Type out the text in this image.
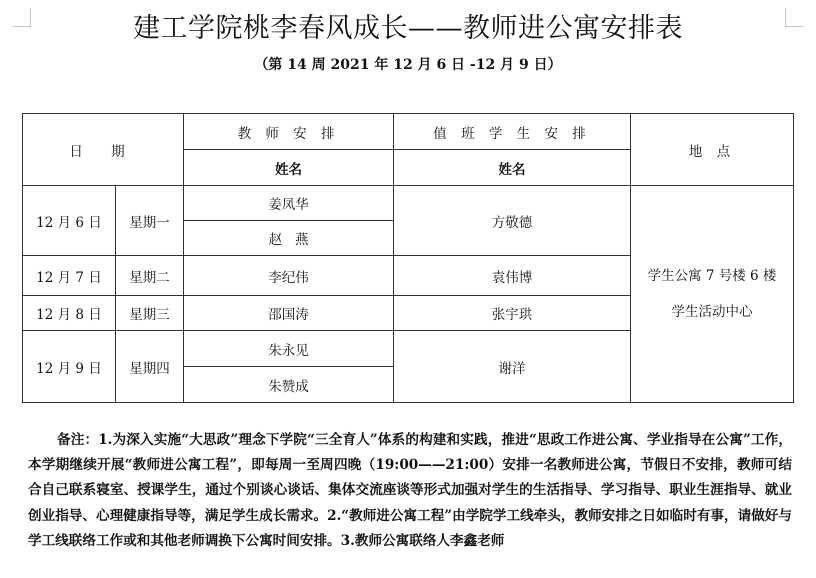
建工学院桃李春风成长——教师进公寓安排表
（第 14 周 2021 年 12 月 6 日 -12 月 9 日）
日 期		教 师 安 排	值 班 学 生 安 排	地 点
		姓名	姓名	
12 月 6 日	星期一	姜凤华	方敬德	学生公寓 7 号楼 6 楼
学生活动中心

		赵   燕		
12 月 7 日	星期二	李纪伟	袁伟博	
12 月 8 日	星期三	邵国涛	张宇珙	
12 月 9 日	星期四	朱永见	谢洋	
		朱赞成		
备注：1.为深入实施“大思政”理念下学院“三全育人”体系的构建和实践，推进“思政工作进公寓、学业指导在公寓”工作，本学期继续开展“教师进公寓工程”，即每周一至周四晚（19:00——21:00）安排一名教师进公寓，节假日不安排，教师可结合自己联系寝室、授课学生，通过个别谈心谈话、集体交流座谈等形式加强对学生的生活指导、学习指导、职业生涯指导、就业创业指导、心理健康指导等，满足学生成长需求。2.“教师进公寓工程”由学院学工线牵头，教师安排之日如临时有事，请做好与学工线联络工作或和其他老师调换下公寓时间安排。3.教师公寓联络人李鑫老师
